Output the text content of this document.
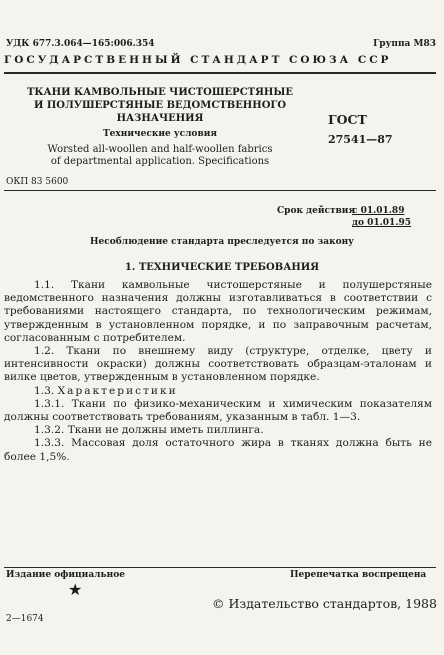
УДК 677.3.064—165:006.354	Группа М83
ГОСУДАРСТВЕННЫЙ СТАНДАРТ СОЮЗА ССР
ТКАНИ КАМВОЛЬНЫЕ ЧИСТОШЕРСТЯНЫЕ
И ПОЛУШЕРСТЯНЫЕ ВЕДОМСТВЕННОГО
НАЗНАЧЕНИЯ
Технические условия
Worsted all-woollen and half-woollen fabrics
of departmental application. Specifications
ГОСТ
27541—87
ОКП 83 5600
Срок действия
с 01.01.89
до 01.01.95
Несоблюдение стандарта преследуется по закону
1. ТЕХНИЧЕСКИЕ ТРЕБОВАНИЯ

1.1. Ткани камвольные чистошерстяные и полушерстяные ведомственного назначения должны изготавливаться в соответствии с требованиями настоящего стандарта, по технологическим режимам, утвержденным в установленном порядке, и по заправочным расчетам, согласованным с потребителем.

1.2. Ткани по внешнему виду (структуре, отделке, цвету и интенсивности окраски) должны соответствовать образцам-эталонам и вилке цветов, утвержденным в установленном порядке.

1.3. Характеристики

1.3.1. Ткани по физико-механическим и химическим показателям должны соответствовать требованиям, указанным в табл. 1—3.

1.3.2. Ткани не должны иметь пиллинга.

1.3.3. Массовая доля остаточного жира в тканях должна быть не более 1,5%.

Издание официальное	Перепечатка воспрещена
★
© Издательство стандартов, 1988
2—1674
